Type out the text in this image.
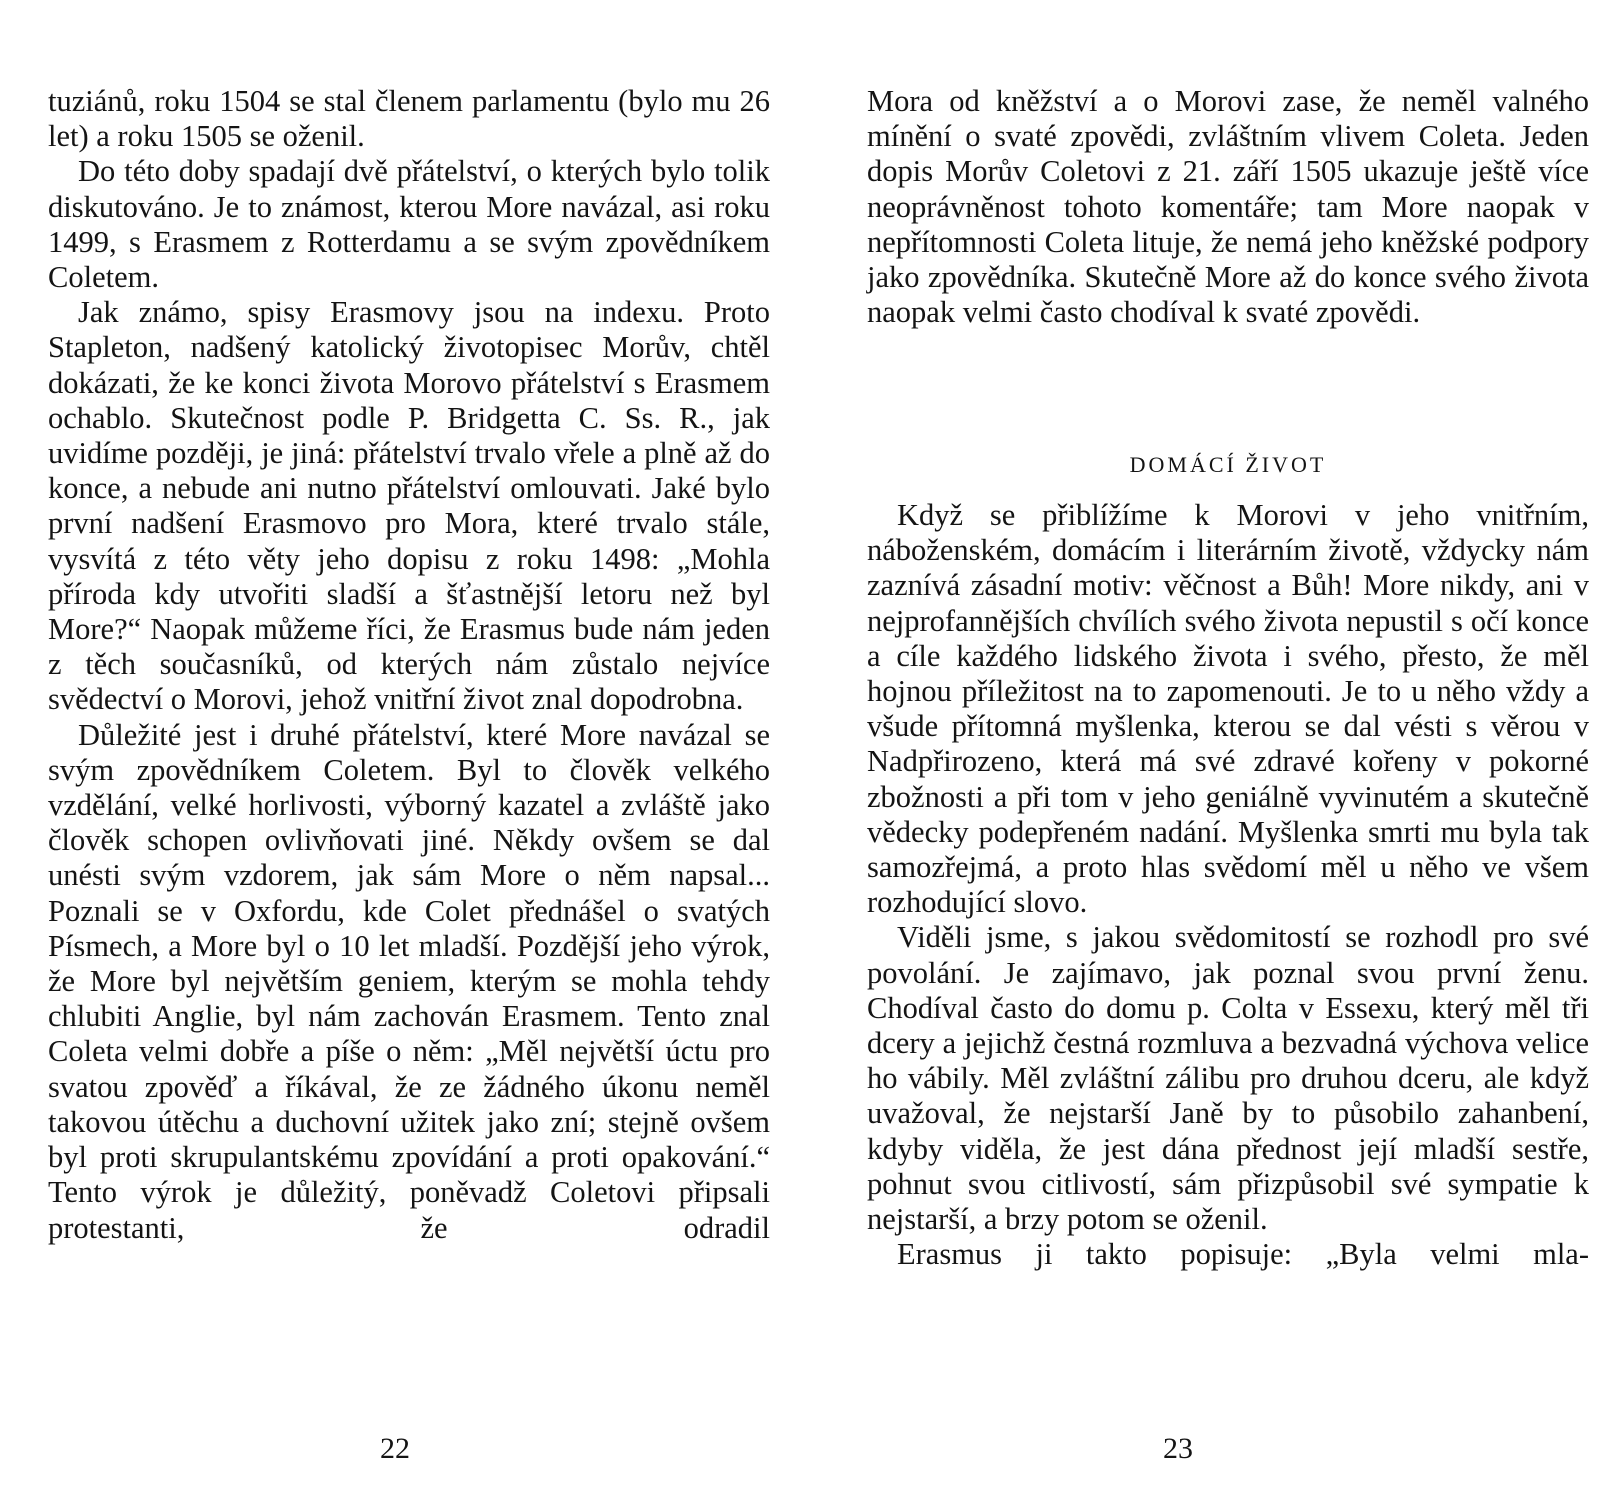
tuziánů, roku 1504 se stal členem parlamentu (bylo mu 26 let) a roku 1505 se oženil.

Do této doby spadají dvě přátelství, o kterých bylo tolik diskutováno. Je to známost, kterou More navázal, asi roku 1499, s Erasmem z Rotterdamu a se svým zpovědníkem Coletem.

Jak známo, spisy Erasmovy jsou na indexu. Proto Stapleton, nadšený katolický životopisec Morův, chtěl dokázati, že ke konci života Morovo přátelství s Erasmem ochablo. Skutečnost podle P. Bridgetta C. Ss. R., jak uvidíme později, je jiná: přátelství trvalo vřele a plně až do konce, a nebude ani nutno přátelství omlouvati. Jaké bylo první nadšení Erasmovo pro Mora, které trvalo stále, vysvítá z této věty jeho dopisu z roku 1498: „Mohla příroda kdy utvořiti sladší a šťastnější letoru než byl More?“ Naopak můžeme říci, že Erasmus bude nám jeden z těch současníků, od kterých nám zůstalo nejvíce svědectví o Morovi, jehož vnitřní život znal dopodrobna.

Důležité jest i druhé přátelství, které More navázal se svým zpovědníkem Coletem. Byl to člověk velkého vzdělání, velké horlivosti, výborný kazatel a zvláště jako člověk schopen ovlivňovati jiné. Někdy ovšem se dal unésti svým vzdorem, jak sám More o něm napsal... Poznali se v Oxfordu, kde Colet přednášel o svatých Písmech, a More byl o 10 let mladší. Pozdější jeho výrok, že More byl největším geniem, kterým se mohla tehdy chlubiti Anglie, byl nám zachován Erasmem. Tento znal Coleta velmi dobře a píše o něm: „Měl největší úctu pro svatou zpověď a říkával, že ze žádného úkonu neměl takovou útěchu a duchovní užitek jako zní; stejně ovšem byl proti skrupulantskému zpovídání a proti opakování.“ Tento výrok je důležitý, poněvadž Coletovi připsali protestanti, že odradil

22

Mora od kněžství a o Morovi zase, že neměl valného mínění o svaté zpovědi, zvláštním vlivem Coleta. Jeden dopis Morův Coletovi z 21. září 1505 ukazuje ještě více neoprávněnost tohoto komentáře; tam More naopak v nepřítomnosti Coleta lituje, že nemá jeho kněžské podpory jako zpovědníka. Skutečně More až do konce svého života naopak velmi často chodíval k svaté zpovědi.

DOMÁCÍ ŽIVOT

Když se přiblížíme k Morovi v jeho vnitřním, náboženském, domácím i literárním životě, vždycky nám zaznívá zásadní motiv: věčnost a Bůh! More nikdy, ani v nejprofannějších chvílích svého života nepustil s očí konce a cíle každého lidského života i svého, přesto, že měl hojnou příležitost na to zapomenouti. Je to u něho vždy a všude přítomná myšlenka, kterou se dal vésti s věrou v Nadpřirozeno, která má své zdravé kořeny v pokorné zbožnosti a při tom v jeho geniálně vyvinutém a skutečně vědecky podepřeném nadání. Myšlenka smrti mu byla tak samozřejmá, a proto hlas svědomí měl u něho ve všem rozhodující slovo.

Viděli jsme, s jakou svědomitostí se rozhodl pro své povolání. Je zajímavo, jak poznal svou první ženu. Chodíval často do domu p. Colta v Essexu, který měl tři dcery a jejichž čestná rozmluva a bezvadná výchova velice ho vábily. Měl zvláštní zálibu pro druhou dceru, ale když uvažoval, že nejstarší Janě by to působilo zahanbení, kdyby viděla, že jest dána přednost její mladší sestře, pohnut svou citlivostí, sám přizpůsobil své sympatie k nejstarší, a brzy potom se oženil.

Erasmus ji takto popisuje: „Byla velmi mla-

23
